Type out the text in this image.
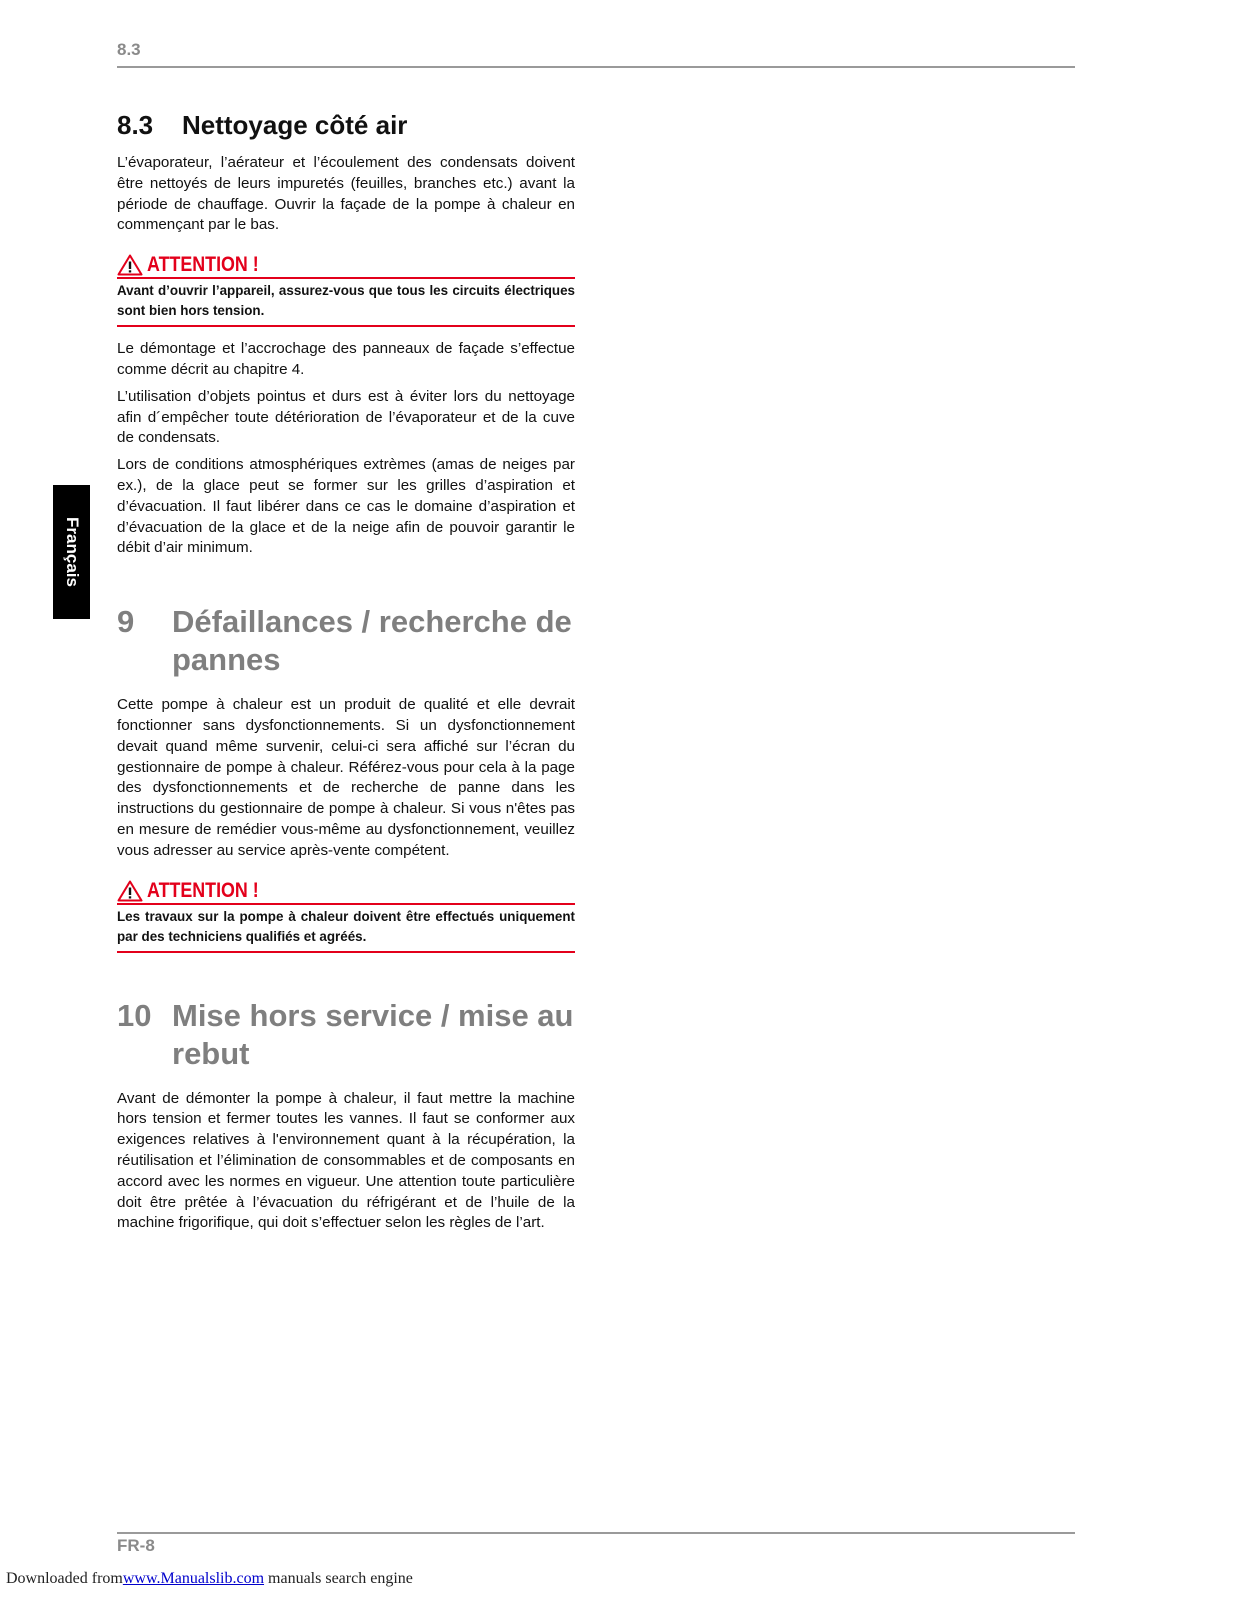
8.3
Français
8.3	Nettoyage côté air

L’évaporateur, l’aérateur et l’écoulement des condensats doivent être nettoyés de leurs impuretés (feuilles, branches etc.) avant la période de chauffage. Ouvrir la façade de la pompe à chaleur en commençant par le bas.

ATTENTION !
Avant d’ouvrir l’appareil, assurez-vous que tous les circuits électriques sont bien hors tension.

Le démontage et l’accrochage des panneaux de façade s’effectue comme décrit au chapitre 4.

L’utilisation d’objets pointus et durs est à éviter lors du nettoyage afin d´empêcher toute détérioration de l’évaporateur et de la cuve de condensats.

Lors de conditions atmosphériques extrèmes (amas de neiges par ex.), de la glace peut se former sur les grilles d’aspiration et d’évacuation. Il faut libérer dans ce cas le domaine d’aspiration et d’évacuation de la glace et de la neige afin de pouvoir garantir le débit d’air minimum.

9	Défaillances / recherche de pannes

Cette pompe à chaleur est un produit de qualité et elle devrait fonctionner sans dysfonctionnements. Si un dysfonctionnement devait quand même survenir, celui-ci sera affiché sur l’écran du gestionnaire de pompe à chaleur. Référez-vous pour cela à la page des dysfonctionnements et de recherche de panne dans les instructions du gestionnaire de pompe à chaleur. Si vous n'êtes pas en mesure de remédier vous-même au dysfonctionnement, veuillez vous adresser au service après-vente compétent.

ATTENTION !
Les travaux sur la pompe à chaleur doivent être effectués uniquement par des techniciens qualifiés et agréés.
10 Mise hors service / mise au rebut

Avant de démonter la pompe à chaleur, il faut mettre la machine hors tension et fermer toutes les vannes. Il faut se conformer aux exigences relatives à l'environnement quant à la récupération, la réutilisation et l’élimination de consommables et de composants en accord avec les normes en vigueur. Une attention toute particulière doit être prêtée à l’évacuation du réfrigérant et de l’huile de la machine frigorifique, qui doit s’effectuer selon les règles de l’art.

FR-8
Downloaded fromwww.Manualslib.com manuals search engine
